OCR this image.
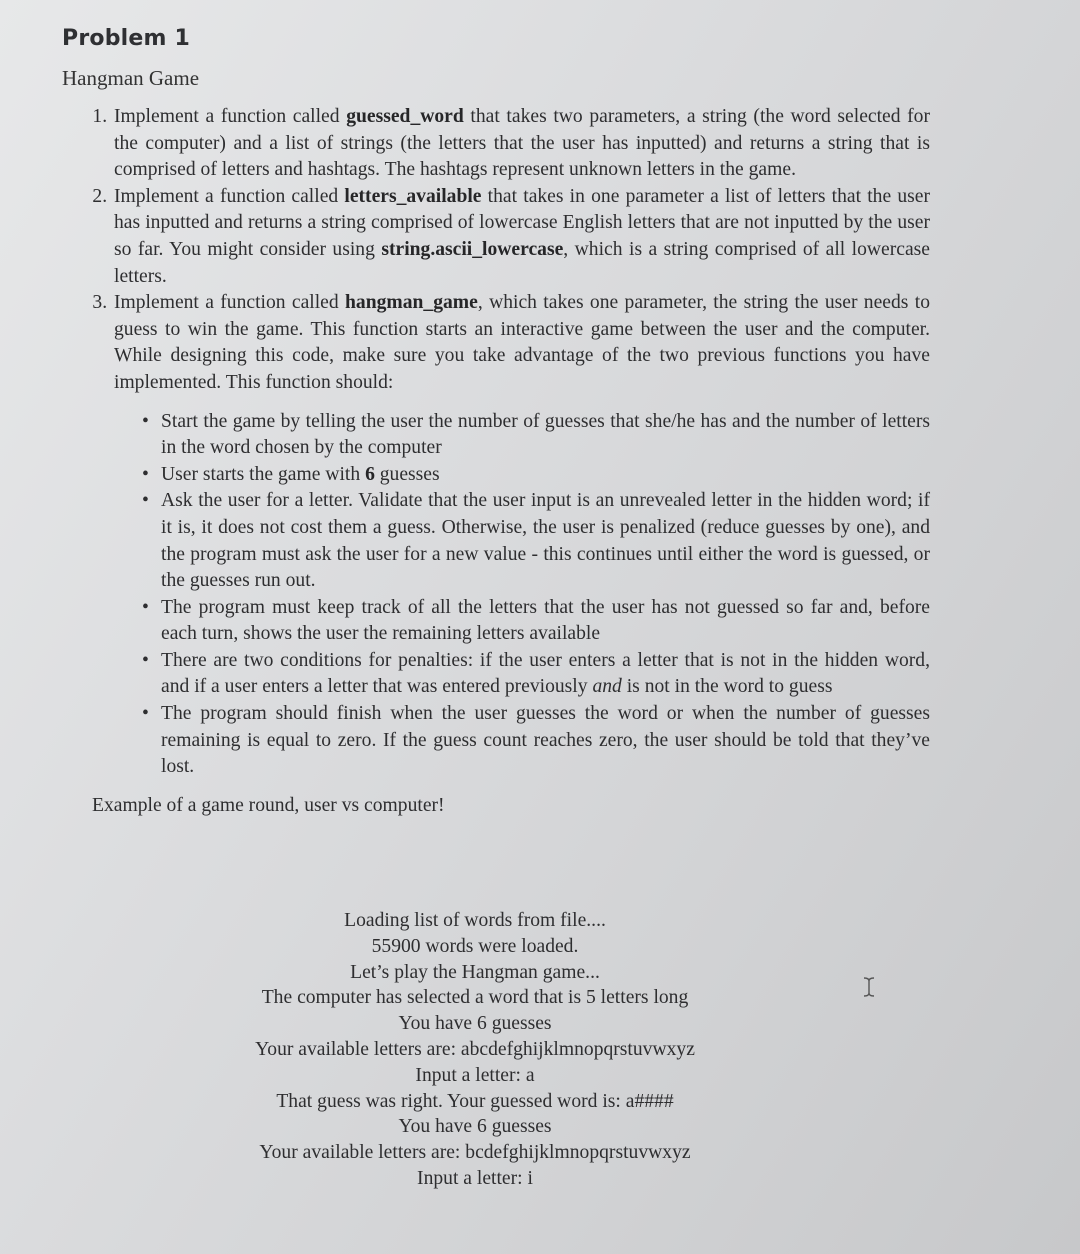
Problem 1
Hangman Game
1. Implement a function called guessed_word that takes two parameters, a string (the word selected for the computer) and a list of strings (the letters that the user has inputted) and returns a string that is comprised of letters and hashtags. The hashtags represent unknown letters in the game.
2. Implement a function called letters_available that takes in one parameter a list of letters that the user has inputted and returns a string comprised of lowercase English letters that are not inputted by the user so far. You might consider using string.ascii_lowercase, which is a string comprised of all lowercase letters.
3. Implement a function called hangman_game, which takes one parameter, the string the user needs to guess to win the game. This function starts an interactive game between the user and the computer. While designing this code, make sure you take advantage of the two previous functions you have implemented. This function should:
• Start the game by telling the user the number of guesses that she/he has and the number of letters in the word chosen by the computer
• User starts the game with 6 guesses
• Ask the user for a letter. Validate that the user input is an unrevealed letter in the hidden word; if it is, it does not cost them a guess. Otherwise, the user is penalized (reduce guesses by one), and the program must ask the user for a new value - this continues until either the word is guessed, or the guesses run out.
• The program must keep track of all the letters that the user has not guessed so far and, before each turn, shows the user the remaining letters available
• There are two conditions for penalties: if the user enters a letter that is not in the hidden word, and if a user enters a letter that was entered previously and is not in the word to guess
• The program should finish when the user guesses the word or when the number of guesses remaining is equal to zero. If the guess count reaches zero, the user should be told that they’ve lost.
Example of a game round, user vs computer!
Loading list of words from file....
55900 words were loaded.
Let’s play the Hangman game...
The computer has selected a word that is 5 letters long
You have 6 guesses
Your available letters are: abcdefghijklmnopqrstuvwxyz
Input a letter: a
That guess was right. Your guessed word is: a####
You have 6 guesses
Your available letters are: bcdefghijklmnopqrstuvwxyz
Input a letter: i
